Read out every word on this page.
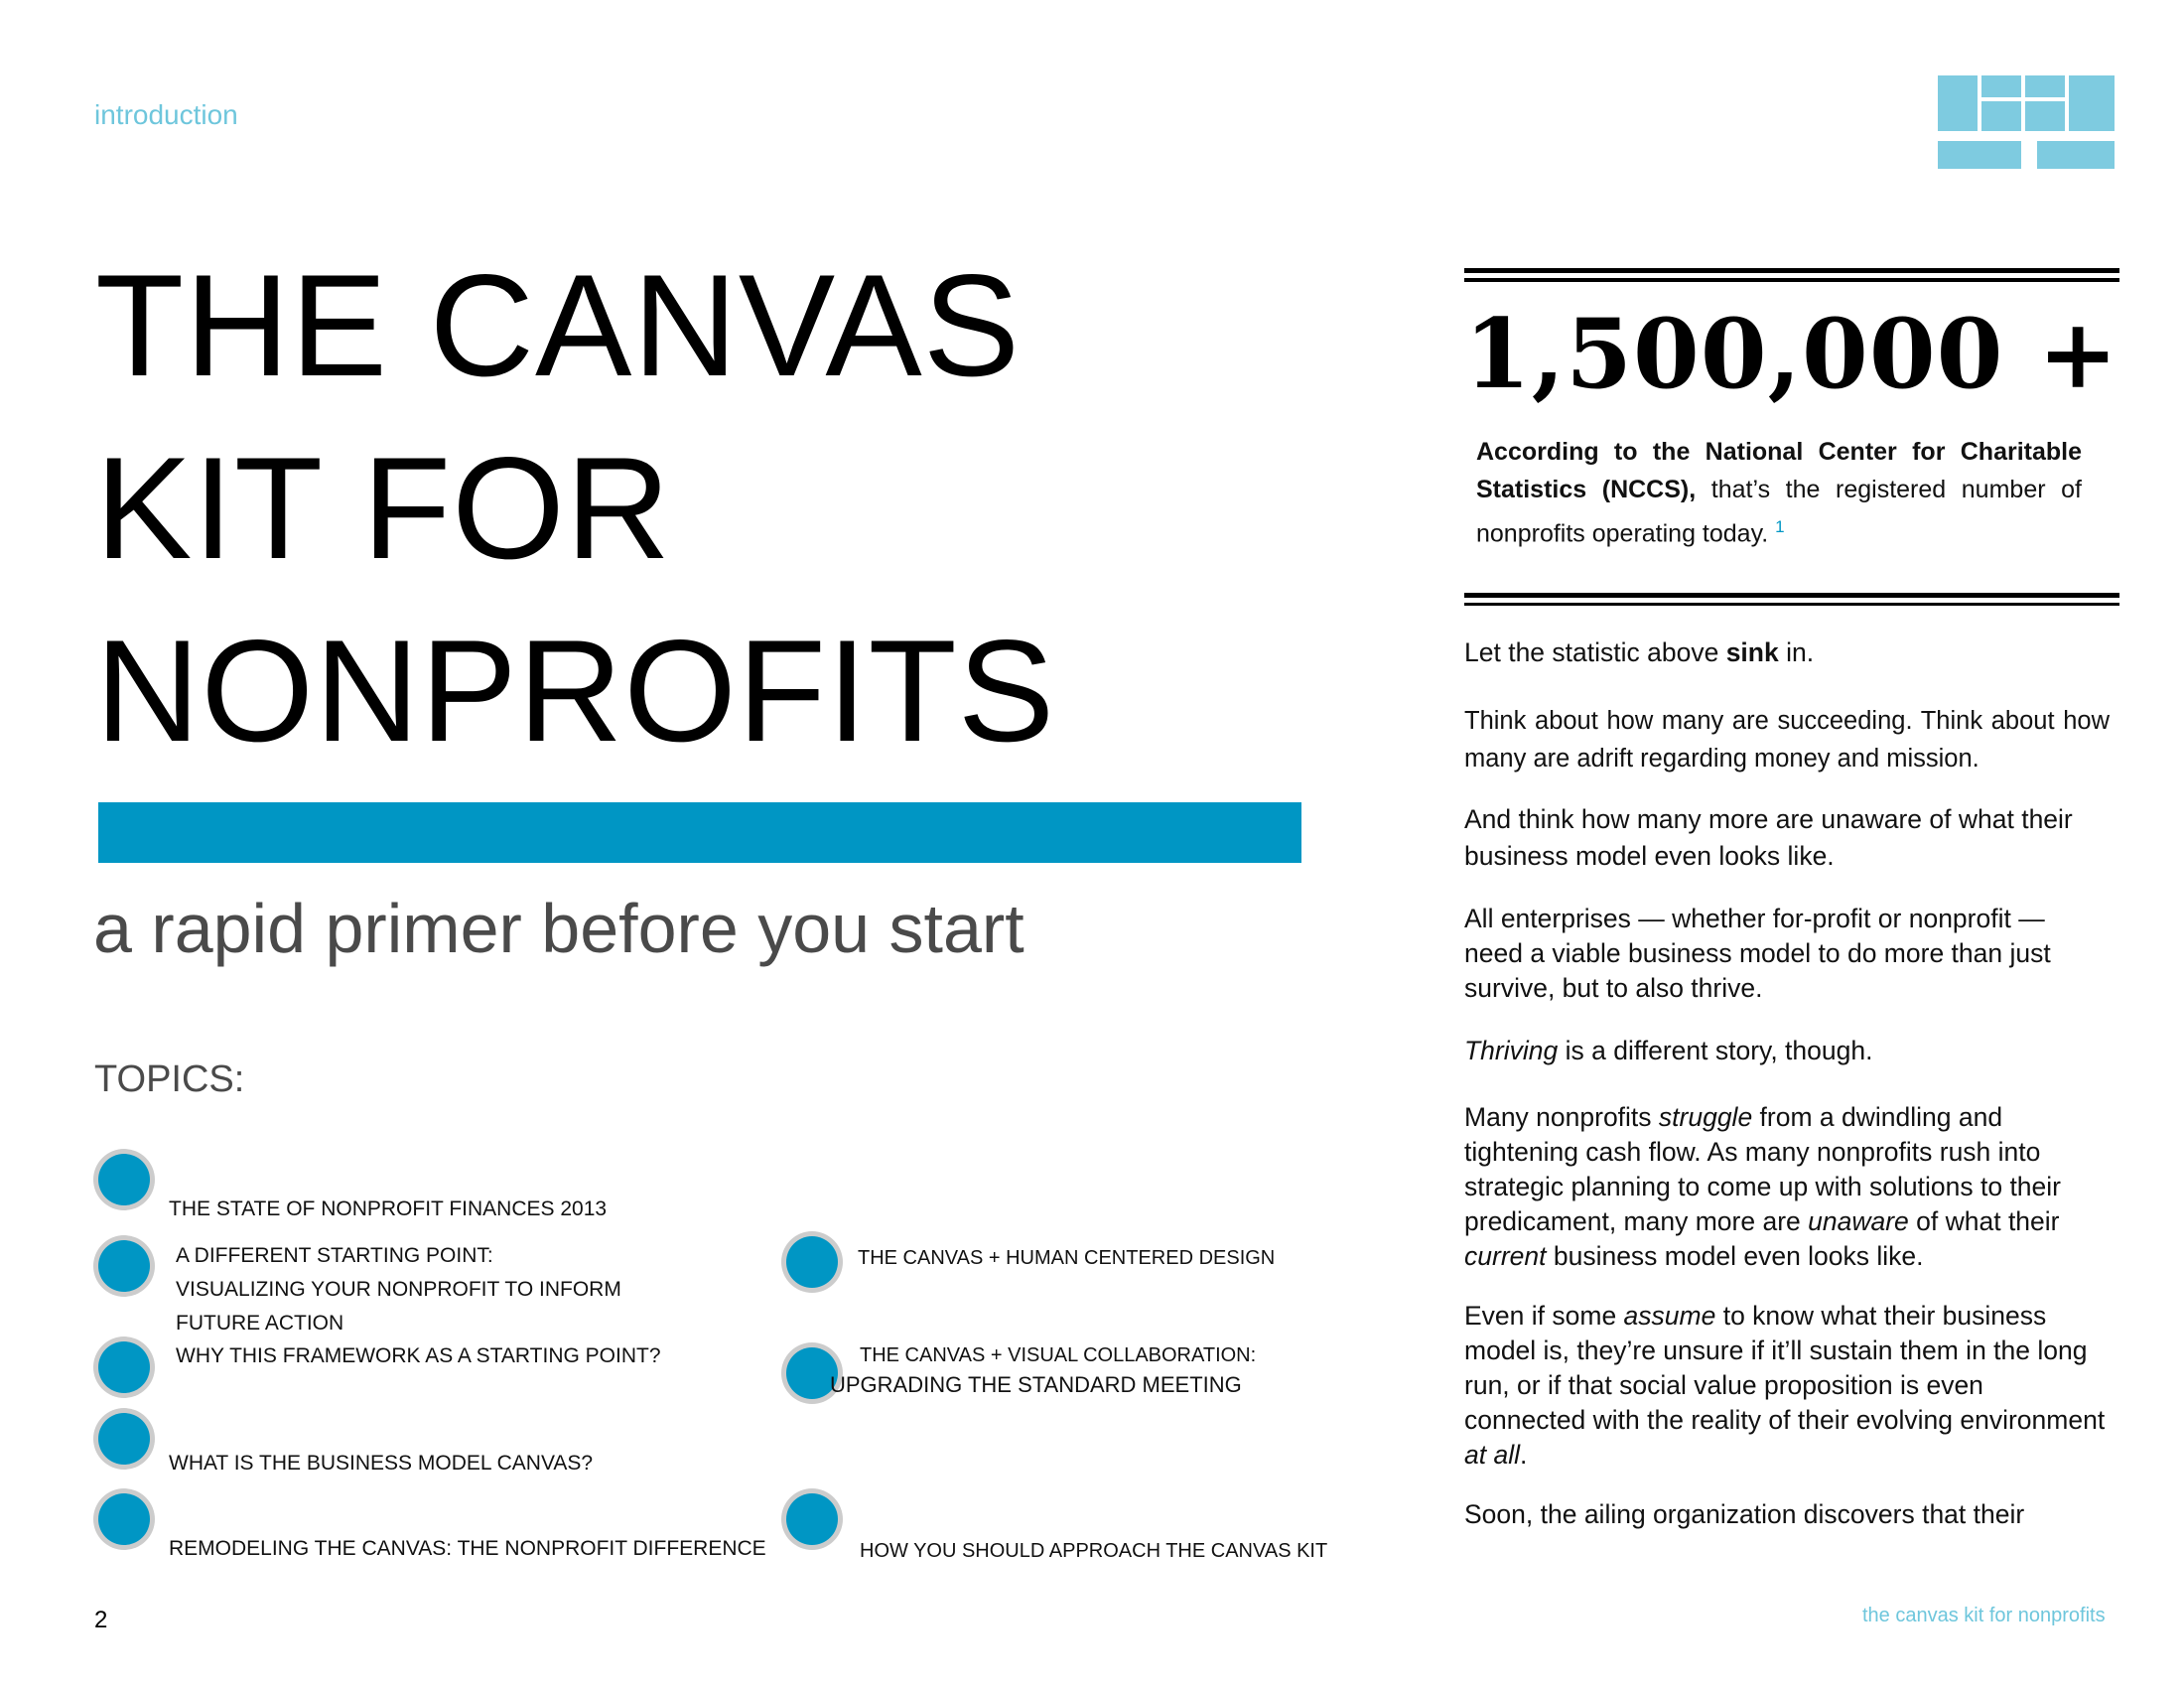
introduction
THE CANVAS
KIT FOR
NONPROFITS
a rapid primer before you start
TOPICS:
THE STATE OF NONPROFIT FINANCES 2013
A DIFFERENT STARTING POINT:
VISUALIZING YOUR NONPROFIT TO INFORM
FUTURE ACTION
WHY THIS FRAMEWORK AS A STARTING POINT?
WHAT IS THE BUSINESS MODEL CANVAS?
REMODELING THE CANVAS: THE NONPROFIT DIFFERENCE
THE CANVAS + HUMAN CENTERED DESIGN
THE CANVAS + VISUAL COLLABORATION:
UPGRADING THE STANDARD MEETING
HOW YOU SHOULD APPROACH THE CANVAS KIT
1,500,000 +
According to the National Center for Charitable Statistics (NCCS), that’s the registered number of nonprofits operating today. $^1$
Let the statistic above sink in.
Think about how many are succeeding. Think about how many are adrift regarding money and mission.
And think how many more are unaware of what their business model even looks like.
All enterprises — whether for-profit or nonprofit — need a viable business model to do more than just survive, but to also thrive.
Thriving is a different story, though.
Many nonprofits struggle from a dwindling and tightening cash flow. As many nonprofits rush into strategic planning to come up with solutions to their predicament, many more are unaware of what their current business model even looks like.
Even if some assume to know what their business model is, they’re unsure if it’ll sustain them in the long run, or if that social value proposition is even connected with the reality of their evolving environment at all.
Soon, the ailing organization discovers that their
2	the canvas kit for nonprofits
